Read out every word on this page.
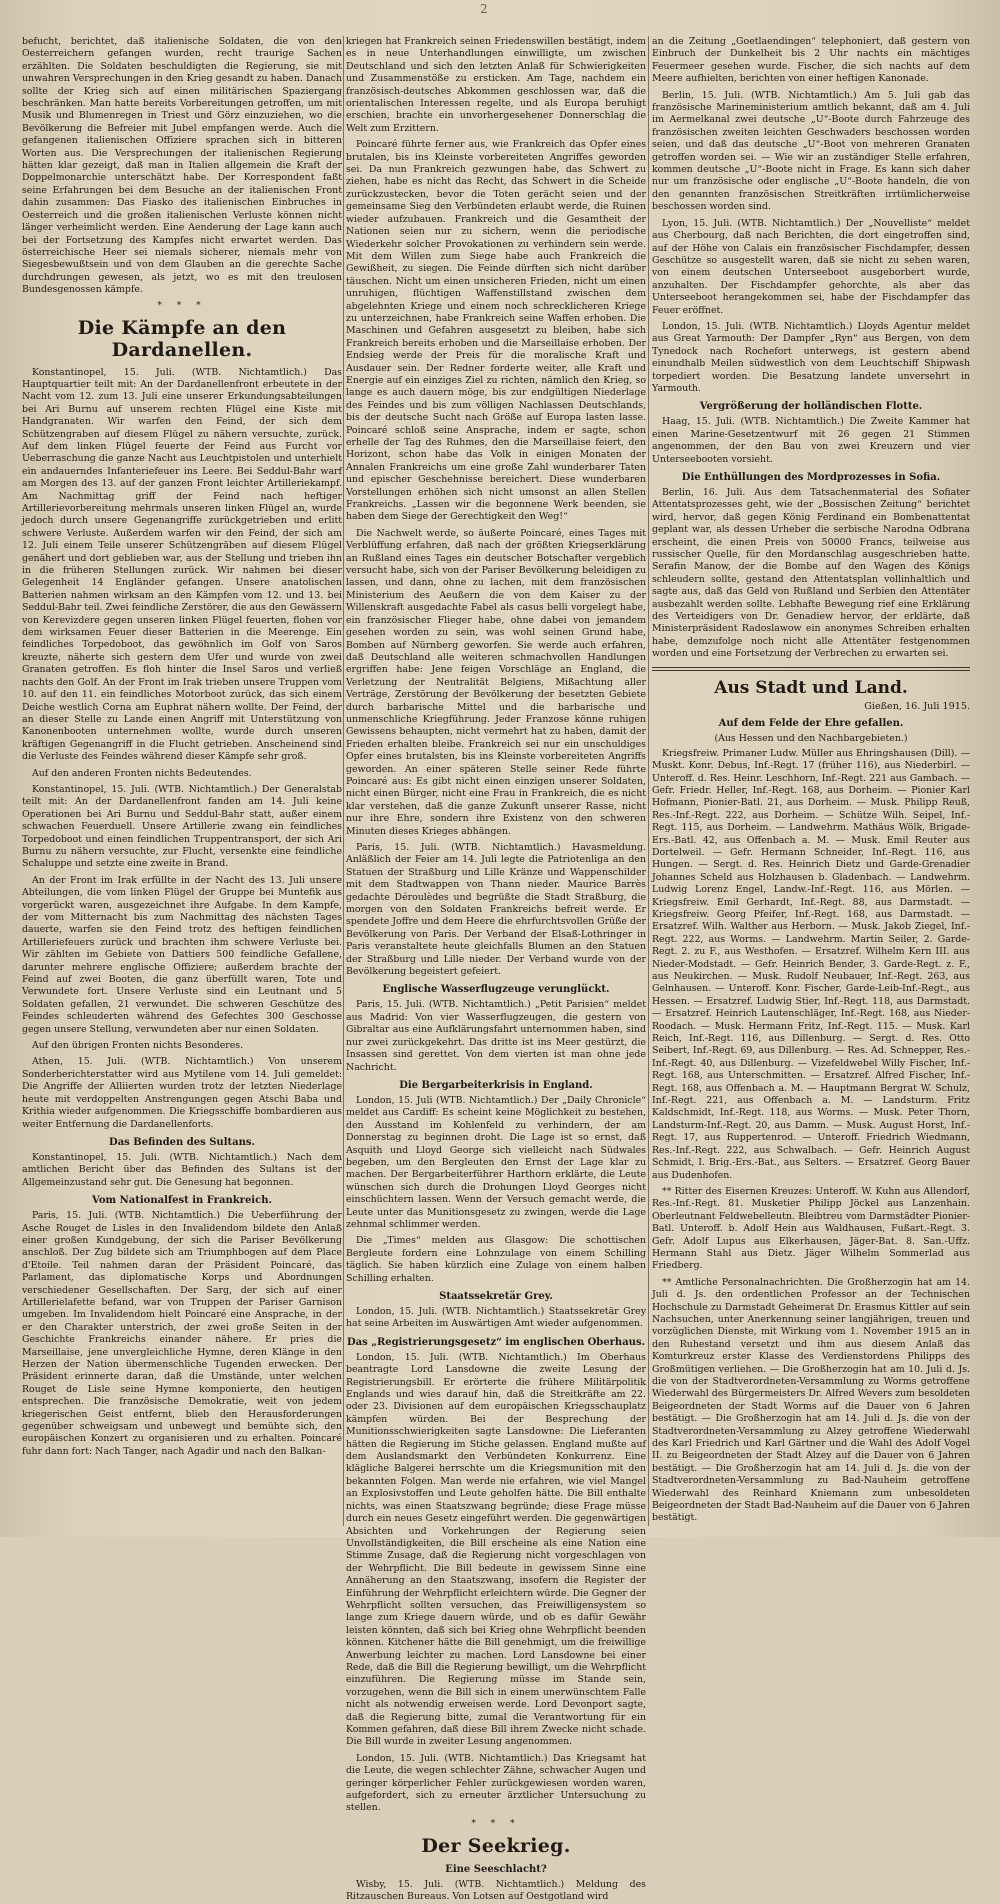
2

befucht, berichtet, daß italienische Soldaten, die von den Oesterreichern gefangen wurden, recht traurige Sachen erzählten. Die Soldaten beschuldigten die Regierung, sie mit unwahren Versprechungen in den Krieg gesandt zu haben. Danach sollte der Krieg sich auf einen militärischen Spaziergang beschränken. Man hatte bereits Vorbereitungen getroffen, um mit Musik und Blumenregen in Triest und Görz einzuziehen, wo die Bevölkerung die Befreier mit Jubel empfangen werde. Auch die gefangenen italienischen Offiziere sprachen sich in bitteren Worten aus. Die Versprechungen der italienischen Regierung hätten klar gezeigt, daß man in Italien allgemein die Kraft der Doppelmonarchie unterschätzt habe. Der Korrespondent faßt seine Erfahrungen bei dem Besuche an der italienischen Front dahin zusammen: Das Fiasko des italienischen Einbruches in Oesterreich und die großen italienischen Verluste können nicht länger verheimlicht werden. Eine Aenderung der Lage kann auch bei der Fortsetzung des Kampfes nicht erwartet werden. Das österreichische Heer sei niemals sicherer, niemals mehr von Siegesbewußtsein und von dem Glauben an die gerechte Sache durchdrungen gewesen, als jetzt, wo es mit den treulosen Bundesgenossen kämpfe.

* * *
Die Kämpfe an den Dardanellen.

Konstantinopel, 15. Juli. (WTB. Nichtamtlich.) Das Hauptquartier teilt mit: An der Dardanellenfront erbeutete in der Nacht vom 12. zum 13. Juli eine unserer Erkundungsabteilungen bei Ari Burnu auf unserem rechten Flügel eine Kiste mit Handgranaten. Wir warfen den Feind, der sich dem Schützengraben auf diesem Flügel zu nähern versuchte, zurück. Auf dem linken Flügel feuerte der Feind aus Furcht vor Ueberraschung die ganze Nacht aus Leuchtpistolen und unterhielt ein andauerndes Infanteriefeuer ins Leere. Bei Seddul-Bahr warf am Morgen des 13. auf der ganzen Front leichter Artilleriekampf. Am Nachmittag griff der Feind nach heftiger Artillerievorbereitung mehrmals unseren linken Flügel an, wurde jedoch durch unsere Gegenangriffe zurückgetrieben und erlitt schwere Verluste. Außerdem warfen wir den Feind, der sich am 12. Juli einem Teile unserer Schützengräben auf diesem Flügel genähert und dort geblieben war, aus der Stellung und trieben ihn in die früheren Stellungen zurück. Wir nahmen bei dieser Gelegenheit 14 Engländer gefangen. Unsere anatolischen Batterien nahmen wirksam an den Kämpfen vom 12. und 13. bei Seddul-Bahr teil. Zwei feindliche Zerstörer, die aus den Gewässern von Kerevizdere gegen unseren linken Flügel feuerten, flohen vor dem wirksamen Feuer dieser Batterien in die Meerenge. Ein feindliches Torpedoboot, das gewöhnlich im Golf von Saros kreuzte, näherte sich gestern dem Ufer und wurde von zwei Granaten getroffen. Es floh hinter die Insel Saros und verließ nachts den Golf. An der Front im Irak trieben unsere Truppen vom 10. auf den 11. ein feindliches Motorboot zurück, das sich einem Deiche westlich Corna am Euphrat nähern wollte. Der Feind, der an dieser Stelle zu Lande einen Angriff mit Unterstützung von Kanonenbooten unternehmen wollte, wurde durch unseren kräftigen Gegenangriff in die Flucht getrieben. Anscheinend sind die Verluste des Feindes während dieser Kämpfe sehr groß.

Auf den anderen Fronten nichts Bedeutendes.

Konstantinopel, 15. Juli. (WTB. Nichtamtlich.) Der Generalstab teilt mit: An der Dardanellenfront fanden am 14. Juli keine Operationen bei Ari Burnu und Seddul-Bahr statt, außer einem schwachen Feuerduell. Unsere Artillerie zwang ein feindliches Torpedoboot und einen feindlichen Truppentransport, der sich Ari Burnu zu nähern versuchte, zur Flucht, versenkte eine feindliche Schaluppe und setzte eine zweite in Brand.

An der Front im Irak erfüllte in der Nacht des 13. Juli unsere Abteilungen, die vom linken Flügel der Gruppe bei Muntefik aus vorgerückt waren, ausgezeichnet ihre Aufgabe. In dem Kampfe, der vom Mitternacht bis zum Nachmittag des nächsten Tages dauerte, warfen sie den Feind trotz des heftigen feindlichen Artilleriefeuers zurück und brachten ihm schwere Verluste bei. Wir zählten im Gebiete von Dattiers 500 feindliche Gefallene, darunter mehrere englische Offiziere; außerdem brachte der Feind auf zwei Booten, die ganz überfüllt waren, Tote und Verwundete fort. Unsere Verluste sind ein Leutnant und 5 Soldaten gefallen, 21 verwundet. Die schweren Geschütze des Feindes schleuderten während des Gefechtes 300 Geschosse gegen unsere Stellung, verwundeten aber nur einen Soldaten.

Auf den übrigen Fronten nichts Besonderes.

Athen, 15. Juli. (WTB. Nichtamtlich.) Von unserem Sonderberichterstatter wird aus Mytilene vom 14. Juli gemeldet: Die Angriffe der Alliierten wurden trotz der letzten Niederlage heute mit verdoppelten Anstrengungen gegen Atschi Baba und Krithia wieder aufgenommen. Die Kriegsschiffe bombardieren aus weiter Entfernung die Dardanellenforts.

Das Befinden des Sultans.

Konstantinopel, 15. Juli. (WTB. Nichtamtlich.) Nach dem amtlichen Bericht über das Befinden des Sultans ist der Allgemeinzustand sehr gut. Die Genesung hat begonnen.

Vom Nationalfest in Frankreich.

Paris, 15. Juli. (WTB. Nichtamtlich.) Die Ueberführung der Asche Rouget de Lisles in den Invalidendom bildete den Anlaß einer großen Kundgebung, der sich die Pariser Bevölkerung anschloß. Der Zug bildete sich am Triumphbogen auf dem Place d'Etoile. Teil nahmen daran der Präsident Poincaré, das Parlament, das diplomatische Korps und Abordnungen verschiedener Gesellschaften. Der Sarg, der sich auf einer Artillerielafette befand, war von Truppen der Pariser Garnison umgeben. Im Invalidendom hielt Poincaré eine Ansprache, in der er den Charakter unterstrich, der zwei große Seiten in der Geschichte Frankreichs einander nähere. Er pries die Marseillaise, jene unvergleichliche Hymne, deren Klänge in den Herzen der Nation übermenschliche Tugenden erwecken. Der Präsident erinnerte daran, daß die Umstände, unter welchen Rouget de Lisle seine Hymne komponierte, den heutigen entsprechen. Die französische Demokratie, weit von jedem kriegerischen Geist entfernt, blieb den Herausforderungen gegenüber schweigsam und unbewegt und bemühte sich, den europäischen Konzert zu organisieren und zu erhalten. Poincaré fuhr dann fort: Nach Tanger, nach Agadir und nach den Balkan-

kriegen hat Frankreich seinen Friedenswillen bestätigt, indem es in neue Unterhandlungen einwilligte, um zwischen Deutschland und sich den letzten Anlaß für Schwierigkeiten und Zusammenstöße zu ersticken. Am Tage, nachdem ein französisch-deutsches Abkommen geschlossen war, daß die orientalischen Interessen regelte, und als Europa beruhigt erschien, brachte ein unvorhergesehener Donnerschlag die Welt zum Erzittern.

Poincaré führte ferner aus, wie Frankreich das Opfer eines brutalen, bis ins Kleinste vorbereiteten Angriffes geworden sei. Da nun Frankreich gezwungen habe, das Schwert zu ziehen, habe es nicht das Recht, das Schwert in die Scheide zurückzustecken, bevor die Toten gerächt seien und der gemeinsame Sieg den Verbündeten erlaubt werde, die Ruinen wieder aufzubauen. Frankreich und die Gesamtheit der Nationen seien nur zu sichern, wenn die periodische Wiederkehr solcher Provokationen zu verhindern sein werde. Mit dem Willen zum Siege habe auch Frankreich die Gewißheit, zu siegen. Die Feinde dürften sich nicht darüber täuschen. Nicht um einen unsicheren Frieden, nicht um einen unruhigen, flüchtigen Waffenstillstand zwischen dem abgelehnten Kriege und einem noch schrecklicheren Kriege zu unterzeichnen, habe Frankreich seine Waffen erhoben. Die Maschinen und Gefahren ausgesetzt zu bleiben, habe sich Frankreich bereits erhoben und die Marseillaise erhoben. Der Endsieg werde der Preis für die moralische Kraft und Ausdauer sein. Der Redner forderte weiter, alle Kraft und Energie auf ein einziges Ziel zu richten, nämlich den Krieg, so lange es auch dauern möge, bis zur endgültigen Niederlage des Feindes und bis zum völligen Nachlassen Deutschlands, bis der deutsche Sucht nach Größe auf Europa lasten lasse. Poincaré schloß seine Ansprache, indem er sagte, schon erhelle der Tag des Ruhmes, den die Marseillaise feiert, den Horizont, schon habe das Volk in einigen Monaten der Annalen Frankreichs um eine große Zahl wunderbarer Taten und epischer Geschehnisse bereichert. Diese wunderbaren Vorstellungen erhöhen sich nicht umsonst an allen Stellen Frankreichs. „Lassen wir die begonnene Werk beenden, sie haben dem Siege der Gerechtigkeit den Weg!“

Die Nachwelt werde, so äußerte Poincaré, eines Tages mit Verblüffung erfahren, daß nach der größten Kriegserklärung an Rußland eines Tages ein deutscher Botschafter vergeblich versucht habe, sich von der Pariser Bevölkerung beleidigen zu lassen, und dann, ohne zu lachen, mit dem französischen Ministerium des Aeußern die von dem Kaiser zu der Willenskraft ausgedachte Fabel als casus belli vorgelegt habe, ein französischer Flieger habe, ohne dabei von jemandem gesehen worden zu sein, was wohl seinen Grund habe, Bomben auf Nürnberg geworfen. Sie werde auch erfahren, daß Deutschland alle weiteren schmachvollen Handlungen ergriffen habe: Jene feigen Vorschläge an England, die Verletzung der Neutralität Belgiens, Mißachtung aller Verträge, Zerstörung der Bevölkerung der besetzten Gebiete durch barbarische Mittel und die barbarische und unmenschliche Kriegführung. Jeder Franzose könne ruhigen Gewissens behaupten, nicht vermehrt hat zu haben, damit der Frieden erhalten bleibe. Frankreich sei nur ein unschuldiges Opfer eines brutalsten, bis ins Kleinste vorbereiteten Angriffs geworden. An einer späteren Stelle seiner Rede führte Poincaré aus: Es gibt nicht einen einzigen unserer Soldaten, nicht einen Bürger, nicht eine Frau in Frankreich, die es nicht klar verstehen, daß die ganze Zukunft unserer Rasse, nicht nur ihre Ehre, sondern ihre Existenz von den schweren Minuten dieses Krieges abhängen.

Paris, 15. Juli. (WTB. Nichtamtlich.) Havasmeldung. Anläßlich der Feier am 14. Juli legte die Patriotenliga an den Statuen der Straßburg und Lille Kränze und Wappenschilder mit dem Stadtwappen von Thann nieder. Maurice Barrès gedachte Déroulèdes und begrüßte die Stadt Straßburg, die morgen von den Soldaten Frankreichs befreit werde. Er spendete Joffre und dem Heere die ehrfurchtsvollen Grüße der Bevölkerung von Paris. Der Verband der Elsaß-Lothringer in Paris veranstaltete heute gleichfalls Blumen an den Statuen der Straßburg und Lille nieder. Der Verband wurde von der Bevölkerung begeistert gefeiert.

Englische Wasserflugzeuge verunglückt.

Paris, 15. Juli. (WTB. Nichtamtlich.) „Petit Parisien“ meldet aus Madrid: Von vier Wasserflugzeugen, die gestern von Gibraltar aus eine Aufklärungsfahrt unternommen haben, sind nur zwei zurückgekehrt. Das dritte ist ins Meer gestürzt, die Insassen sind gerettet. Von dem vierten ist man ohne jede Nachricht.

Die Bergarbeiterkrisis in England.

London, 15. Juli (WTB. Nichtamtlich.) Der „Daily Chronicle“ meldet aus Cardiff: Es scheint keine Möglichkeit zu bestehen, den Ausstand im Kohlenfeld zu verhindern, der am Donnerstag zu beginnen droht. Die Lage ist so ernst, daß Asquith und Lloyd George sich vielleicht nach Südwales begeben, um den Bergleuten den Ernst der Lage klar zu machen. Der Bergarbeiterführer Harthorn erklärte, die Leute wünschen sich durch die Drohungen Lloyd Georges nicht einschüchtern lassen. Wenn der Versuch gemacht werde, die Leute unter das Munitionsgesetz zu zwingen, werde die Lage zehnmal schlimmer werden.

Die „Times“ melden aus Glasgow: Die schottischen Bergleute fordern eine Lohnzulage von einem Schilling täglich. Sie haben kürzlich eine Zulage von einem halben Schilling erhalten.

Staatssekretär Grey.

London, 15. Juli. (WTB. Nichtamtlich.) Staatssekretär Grey hat seine Arbeiten im Auswärtigen Amt wieder aufgenommen.

Das „Registrierungsgesetz“ im englischen Oberhaus.

London, 15. Juli. (WTB. Nichtamtlich.) Im Oberhaus beantragte Lord Lansdowne die zweite Lesung der Registrierungsbill. Er erörterte die frühere Militärpolitik Englands und wies darauf hin, daß die Streitkräfte am 22. oder 23. Divisionen auf dem europäischen Kriegsschauplatz kämpfen würden. Bei der Besprechung der Munitionsschwierigkeiten sagte Lansdowne: Die Lieferanten hätten die Regierung im Stiche gelassen. England mußte auf dem Auslandsmarkt den Verbündeten Konkurrenz. Eine klägliche Balgerei herrschte um die Kriegsmunition mit den bekannten Folgen. Man werde nie erfahren, wie viel Mangel an Explosivstoffen und Leute geholfen hätte. Die Bill enthalte nichts, was einen Staatszwang begründe; diese Frage müsse durch ein neues Gesetz eingeführt werden. Die gegenwärtigen Absichten und Vorkehrungen der Regierung seien Unvollständigkeiten, die Bill erscheine als eine Nation eine Stimme Zusage, daß die Regierung nicht vorgeschlagen von der Wehrpflicht. Die Bill bedeute in gewissem Sinne eine Annäherung an den Staatszwang, insofern die Register der Einführung der Wehrpflicht erleichtern würde. Die Gegner der Wehrpflicht sollten versuchen, das Freiwilligensystem so lange zum Kriege dauern würde, und ob es dafür Gewähr leisten könnten, daß sich bei Krieg ohne Wehrpflicht beenden können. Kitchener hätte die Bill genehmigt, um die freiwillige Anwerbung leichter zu machen. Lord Lansdowne bei einer Rede, daß die Bill die Regierung bewilligt, um die Wehrpflicht einzuführen. Die Regierung müsse im Stande sein, vorzugehen, wenn die Bill sich in einem unerwünschtem Falle nicht als notwendig erweisen werde. Lord Devonport sagte, daß die Regierung bitte, zumal die Verantwortung für ein Kommen gefahren, daß diese Bill ihrem Zwecke nicht schade. Die Bill wurde in zweiter Lesung angenommen.

London, 15. Juli. (WTB. Nichtamtlich.) Das Kriegsamt hat die Leute, die wegen schlechter Zähne, schwacher Augen und geringer körperlicher Fehler zurückgewiesen worden waren, aufgefordert, sich zu erneuter ärztlicher Untersuchung zu stellen.

* * *
Der Seekrieg.
Eine Seeschlacht?

Wisby, 15. Juli. (WTB. Nichtamtlich.) Meldung des Ritzauschen Bureaus. Von Lotsen auf Oestgotland wird

an die Zeitung „Goetlaendingen“ telephoniert, daß gestern von Einbruch der Dunkelheit bis 2 Uhr nachts ein mächtiges Feuermeer gesehen wurde. Fischer, die sich nachts auf dem Meere aufhielten, berichten von einer heftigen Kanonade.

Berlin, 15. Juli. (WTB. Nichtamtlich.) Am 5. Juli gab das französische Marineministerium amtlich bekannt, daß am 4. Juli im Aermelkanal zwei deutsche „U“-Boote durch Fahrzeuge des französischen zweiten leichten Geschwaders beschossen worden seien, und daß das deutsche „U“-Boot von mehreren Granaten getroffen worden sei. — Wie wir an zuständiger Stelle erfahren, kommen deutsche „U“-Boote nicht in Frage. Es kann sich daher nur um französische oder englische „U“-Boote handeln, die von den genannten französischen Streitkräften irrtümlicherweise beschossen worden sind.

Lyon, 15. Juli. (WTB. Nichtamtlich.) Der „Nouvelliste“ meldet aus Cherbourg, daß nach Berichten, die dort eingetroffen sind, auf der Höhe von Calais ein französischer Fischdampfer, dessen Geschütze so ausgestellt waren, daß sie nicht zu sehen waren, von einem deutschen Unterseeboot ausgeborbert wurde, anzuhalten. Der Fischdampfer gehorchte, als aber das Unterseeboot herangekommen sei, habe der Fischdampfer das Feuer eröffnet.

London, 15. Juli. (WTB. Nichtamtlich.) Lloyds Agentur meldet aus Great Yarmouth: Der Dampfer „Ryn“ aus Bergen, von dem Tynedock nach Rochefort unterwegs, ist gestern abend einundhalb Meilen südwestlich von dem Leuchtschiff Shipwash torpediert worden. Die Besatzung landete unversehrt in Yarmouth.

Vergrößerung der holländischen Flotte.

Haag, 15. Juli. (WTB. Nichtamtlich.) Die Zweite Kammer hat einen Marine-Gesetzentwurf mit 26 gegen 21 Stimmen angenommen, der den Bau von zwei Kreuzern und vier Unterseebooten vorsieht.

Die Enthüllungen des Mordprozesses in Sofia.

Berlin, 16. Juli. Aus dem Tatsachenmaterial des Sofiater Attentatsprozesses geht, wie der „Bossischen Zeitung“ berichtet wird, hervor, daß gegen König Ferdinand ein Bombenattentat geplant war, als dessen Urheber die serbische Narodna Odbrana erscheint, die einen Preis von 50000 Francs, teilweise aus russischer Quelle, für den Mordanschlag ausgeschrieben hatte. Serafin Manow, der die Bombe auf den Wagen des Königs schleudern sollte, gestand den Attentatsplan vollinhaltlich und sagte aus, daß das Geld von Rußland und Serbien den Attentäter ausbezahlt werden sollte. Lebhafte Bewegung rief eine Erklärung des Verteidigers von Dr. Genadiew hervor, der erklärte, daß Ministerpräsident Radoslawow ein anonymes Schreiben erhalten habe, demzufolge noch nicht alle Attentäter festgenommen worden und eine Fortsetzung der Verbrechen zu erwarten sei.

Aus Stadt und Land.
Gießen, 16. Juli 1915.
Auf dem Felde der Ehre gefallen.
(Aus Hessen und den Nachbargebieten.)

Kriegsfreiw. Primaner Ludw. Müller aus Ehringshausen (Dill). — Muskt. Konr. Debus, Inf.-Regt. 17 (früher 116), aus Niederbirl. — Unteroff. d. Res. Heinr. Leschhorn, Inf.-Regt. 221 aus Gambach. — Gefr. Friedr. Heller, Inf.-Regt. 168, aus Dorheim. — Pionier Karl Hofmann, Pionier-Batl. 21, aus Dorheim. — Musk. Philipp Reuß, Res.-Inf.-Regt. 222, aus Dorheim. — Schütze Wilh. Seipel, Inf.-Regt. 115, aus Dorheim. — Landwehrm. Mathäus Wölk, Brigade-Ers.-Batl. 42, aus Offenbach a. M. — Musk. Emil Reuter aus Dortelweil. — Gefr. Hermann Schneider, Inf.-Regt. 116, aus Hungen. — Sergt. d. Res. Heinrich Dietz und Garde-Grenadier Johannes Scheld aus Holzhausen b. Gladenbach. — Landwehrm. Ludwig Lorenz Engel, Landw.-Inf.-Regt. 116, aus Mörlen. — Kriegsfreiw. Emil Gerhardt, Inf.-Regt. 88, aus Darmstadt. — Kriegsfreiw. Georg Pfeifer, Inf.-Regt. 168, aus Darmstadt. — Ersatzref. Wilh. Walther aus Herborn. — Musk. Jakob Ziegel, Inf.-Regt. 222, aus Worms. — Landwehrm. Martin Seiler, 2. Garde-Regt. 2. zu F., aus Westhofen. — Ersatzref. Wilhelm Kern III. aus Nieder-Modstadt. — Gefr. Heinrich Bender, 3. Garde-Regt. z. F., aus Neukirchen. — Musk. Rudolf Neubauer, Inf.-Regt. 263, aus Gelnhausen. — Unteroff. Konr. Fischer, Garde-Leib-Inf.-Regt., aus Hessen. — Ersatzref. Ludwig Stier, Inf.-Regt. 118, aus Darmstadt. — Ersatzref. Heinrich Lautenschläger, Inf.-Regt. 168, aus Nieder-Roodach. — Musk. Hermann Fritz, Inf.-Regt. 115. — Musk. Karl Reich, Inf.-Regt. 116, aus Dillenburg. — Sergt. d. Res. Otto Seibert, Inf.-Regt. 69, aus Dillenburg. — Res. Ad. Schnepper, Res.-Inf.-Regt. 40, aus Dillenburg. — Vizefeldwebel Willy Fischer, Inf.-Regt. 168, aus Unterschmitten. — Ersatzref. Alfred Fischer, Inf.-Regt. 168, aus Offenbach a. M. — Hauptmann Bergrat W. Schulz, Inf.-Regt. 221, aus Offenbach a. M. — Landsturm. Fritz Kaldschmidt, Inf.-Regt. 118, aus Worms. — Musk. Peter Thorn, Landsturm-Inf.-Regt. 20, aus Damm. — Musk. August Horst, Inf.-Regt. 17, aus Ruppertenrod. — Unteroff. Friedrich Wiedmann, Res.-Inf.-Regt. 222, aus Schwalbach. — Gefr. Heinrich August Schmidt, I. Brig.-Ers.-Bat., aus Selters. — Ersatzref. Georg Bauer aus Dudenhofen.

** Ritter des Eisernen Kreuzes: Unteroff. W. Kuhn aus Allendorf, Res.-Inf.-Regt. 81. Musketier Philipp Jöckel aus Lanzenhain. Oberleutnant Feldwebelleutn. Bleibtreu vom Darmstädter Pionier-Batl. Unteroff. b. Adolf Hein aus Waldhausen, Fußart.-Regt. 3. Gefr. Adolf Lupus aus Elkerhausen, Jäger-Bat. 8. San.-Uffz. Hermann Stahl aus Dietz. Jäger Wilhelm Sommerlad aus Friedberg.

** Amtliche Personalnachrichten. Die Großherzogin hat am 14. Juli d. Js. den ordentlichen Professor an der Technischen Hochschule zu Darmstadt Geheimerat Dr. Erasmus Kittler auf sein Nachsuchen, unter Anerkennung seiner langjährigen, treuen und vorzüglichen Dienste, mit Wirkung vom 1. November 1915 an in den Ruhestand versetzt und ihm aus diesem Anlaß das Komturkreuz erster Klasse des Verdienstordens Philipps des Großmütigen verliehen. — Die Großherzogin hat am 10. Juli d. Js. die von der Stadtverordneten-Versammlung zu Worms getroffene Wiederwahl des Bürgermeisters Dr. Alfred Wevers zum besoldeten Beigeordneten der Stadt Worms auf die Dauer von 6 Jahren bestätigt. — Die Großherzogin hat am 14. Juli d. Js. die von der Stadtverordneten-Versammlung zu Alzey getroffene Wiederwahl des Karl Friedrich und Karl Gärtner und die Wahl des Adolf Vogel II. zu Beigeordneten der Stadt Alzey auf die Dauer von 6 Jahren bestätigt. — Die Großherzogin hat am 14. Juli d. Js. die von der Stadtverordneten-Versammlung zu Bad-Nauheim getroffene Wiederwahl des Reinhard Kniemann zum unbesoldeten Beigeordneten der Stadt Bad-Nauheim auf die Dauer von 6 Jahren bestätigt.
